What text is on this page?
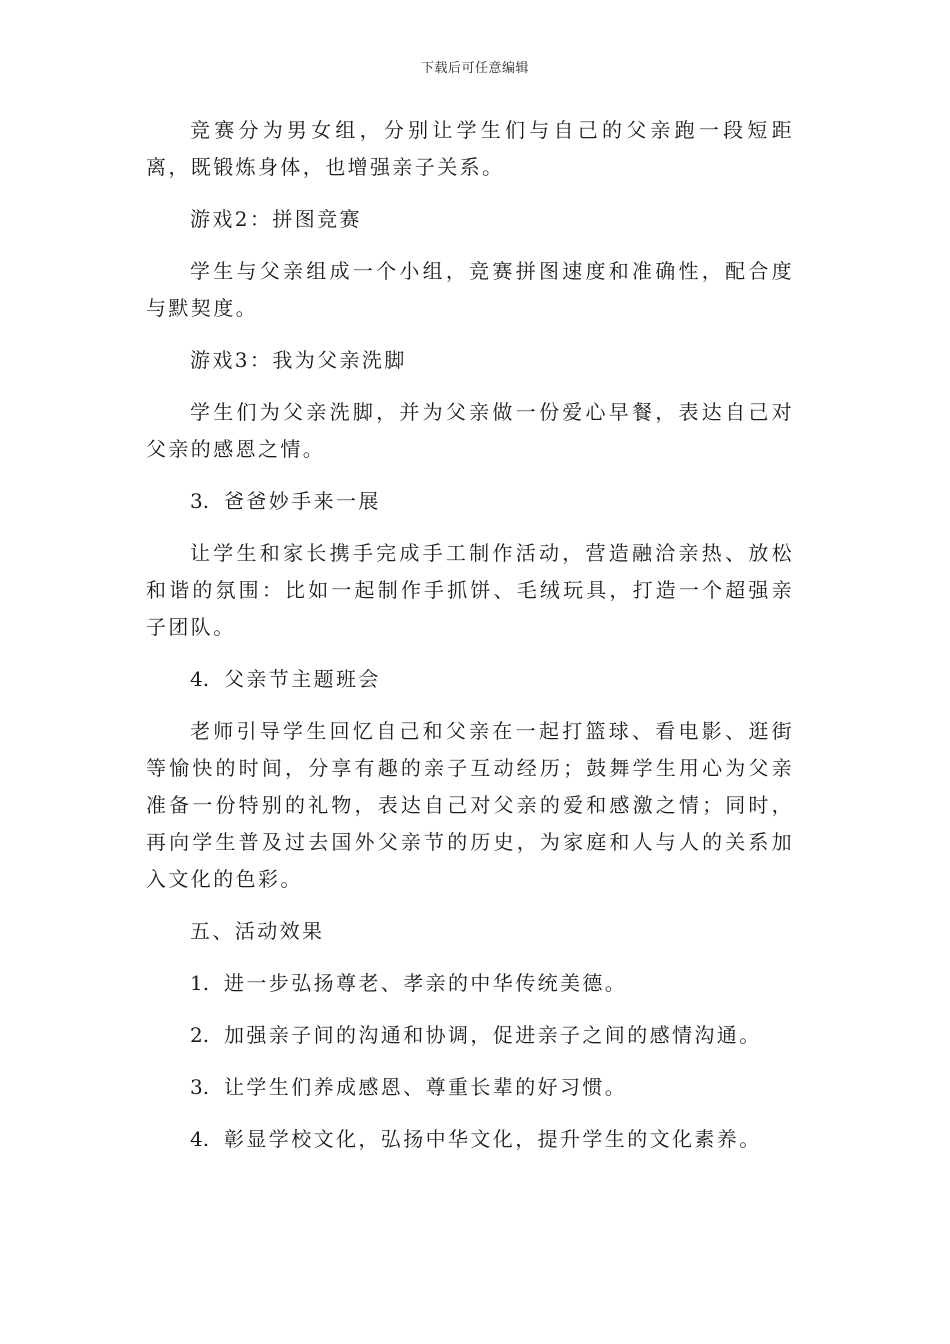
下载后可任意编辑

竞赛分为男女组，分别让学生们与自己的父亲跑一段短距离，既锻炼身体，也增强亲子关系。

游戏2：拼图竞赛

学生与父亲组成一个小组，竞赛拼图速度和准确性，配合度与默契度。

游戏3：我为父亲洗脚

学生们为父亲洗脚，并为父亲做一份爱心早餐，表达自己对父亲的感恩之情。

3. 爸爸妙手来一展

让学生和家长携手完成手工制作活动，营造融洽亲热、放松和谐的氛围：比如一起制作手抓饼、毛绒玩具，打造一个超强亲子团队。

4. 父亲节主题班会

老师引导学生回忆自己和父亲在一起打篮球、看电影、逛街等愉快的时间，分享有趣的亲子互动经历；鼓舞学生用心为父亲准备一份特别的礼物，表达自己对父亲的爱和感激之情；同时，再向学生普及过去国外父亲节的历史，为家庭和人与人的关系加入文化的色彩。

五、活动效果

1. 进一步弘扬尊老、孝亲的中华传统美德。

2. 加强亲子间的沟通和协调，促进亲子之间的感情沟通。

3. 让学生们养成感恩、尊重长辈的好习惯。

4. 彰显学校文化，弘扬中华文化，提升学生的文化素养。
